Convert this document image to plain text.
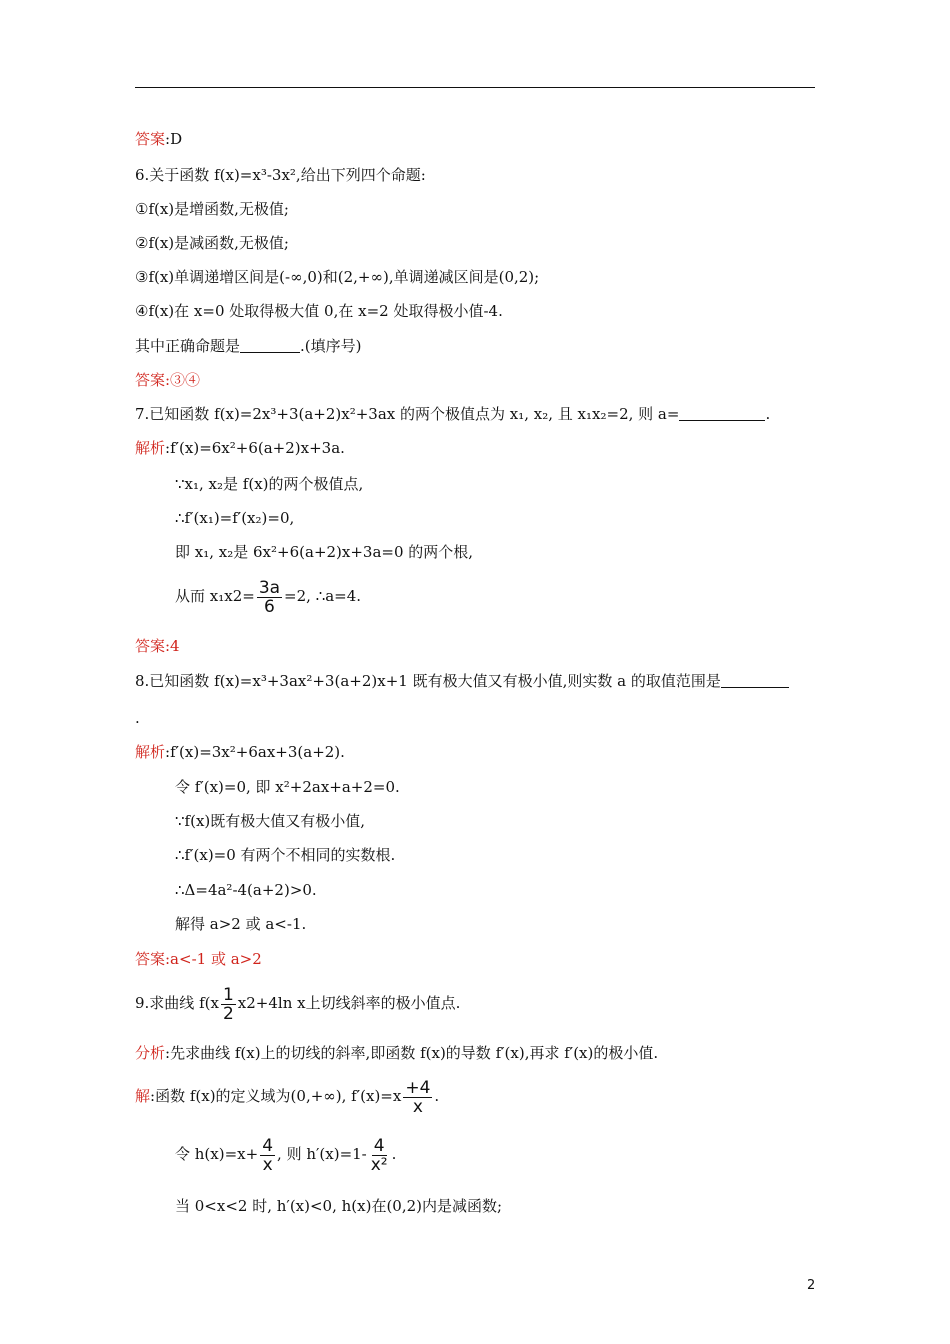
答案:D
6.关于函数 f(x)=x³-3x²,给出下列四个命题:
①f(x)是增函数,无极值;
②f(x)是减函数,无极值;
③f(x)单调递增区间是(-∞,0)和(2,+∞),单调递减区间是(0,2);
④f(x)在 x=0 处取得极大值 0,在 x=2 处取得极小值-4.
其中正确命题是	.(填序号)
答案:③④
7.已知函数 f(x)=2x³+3(a+2)x²+3ax 的两个极值点为 x₁, x₂, 且 x₁x₂=2, 则 a=	.
解析:f′(x)=6x²+6(a+2)x+3a.
∵x₁, x₂是 f(x)的两个极值点,
∴f′(x₁)=f′(x₂)=0,
即 x₁, x₂是 6x²+6(a+2)x+3a=0 的两个根,
从而 $x_1x2= \frac{3a}{6} =2$, ∴a=4.
答案:4
8.已知函数 f(x)=x³+3ax²+3(a+2)x+1 既有极大值又有极小值,则实数 a 的取值范围是
.
解析:f′(x)=3x²+6ax+3(a+2).
令 f′(x)=0, 即 x²+2ax+a+2=0.
∵f(x)既有极大值又有极小值,
∴f′(x)=0 有两个不相同的实数根.
∴Δ=4a²-4(a+2)>0.
解得 a>2 或 a<-1.
答案:a<-1 或 a>2
9.求曲线 $f(x \frac{1}{2} x2+4\ln$ x上切线斜率的极小值点.
分析:先求曲线 f(x)上的切线的斜率,即函数 f(x)的导数 f′(x),再求 f′(x)的极小值.
解:函数 f(x)的定义域为(0,+∞), $f'(x)=x \frac{+4}{x}$ .
令 $h(x)=x+ \frac{4}{x}$ , 则 $h'(x)=1- \frac{4}{\text{x²}}$ .
当 0<x<2 时, h′(x)<0, h(x)在(0,2)内是减函数;
2
